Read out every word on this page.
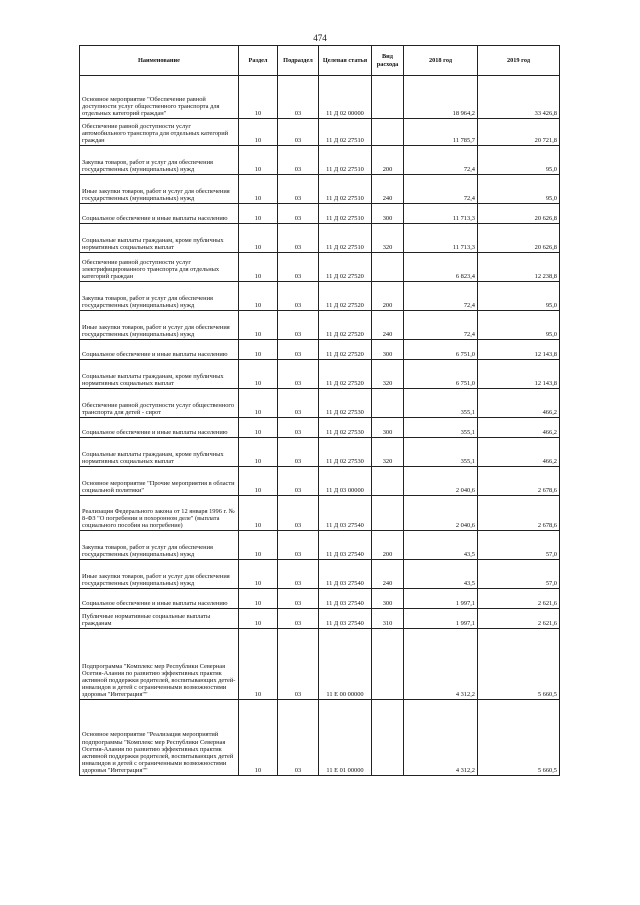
474
Наименование	Раздел	Подраздел	Целевая статья	Вид расхода	2018 год	2019 год
Основное мероприятие "Обеспечение равной доступности услуг общественного транспорта для отдельных категорий граждан"	10	03	11 Д 02 00000		18 964,2	33 426,8
Обеспечение равной доступности услуг автомобильного транспорта для отдельных категорий граждан	10	03	11 Д 02 27510		11 785,7	20 721,8
Закупка товаров, работ и услуг для обеспечения государственных (муниципальных) нужд	10	03	11 Д 02 27510	200	72,4	95,0
Иные закупки товаров, работ и услуг для обеспечения государственных (муниципальных) нужд	10	03	11 Д 02 27510	240	72,4	95,0
Социальное обеспечение и иные выплаты населению	10	03	11 Д 02 27510	300	11 713,3	20 626,8
Социальные выплаты гражданам, кроме публичных нормативных социальных выплат	10	03	11 Д 02 27510	320	11 713,3	20 626,8
Обеспечение равной доступности услуг электрифицированного транспорта для отдельных категорий граждан	10	03	11 Д 02 27520		6 823,4	12 238,8
Закупка товаров, работ и услуг для обеспечения государственных (муниципальных) нужд	10	03	11 Д 02 27520	200	72,4	95,0
Иные закупки товаров, работ и услуг для обеспечения государственных (муниципальных) нужд	10	03	11 Д 02 27520	240	72,4	95,0
Социальное обеспечение и иные выплаты населению	10	03	11 Д 02 27520	300	6 751,0	12 143,8
Социальные выплаты гражданам, кроме публичных нормативных социальных выплат	10	03	11 Д 02 27520	320	6 751,0	12 143,8
Обеспечение равной доступности услуг общественного транспорта для детей - сирот	10	03	11 Д 02 27530		355,1	466,2
Социальное обеспечение и иные выплаты населению	10	03	11 Д 02 27530	300	355,1	466,2
Социальные выплаты гражданам, кроме публичных нормативных социальных выплат	10	03	11 Д 02 27530	320	355,1	466,2
Основное мероприятие "Прочие мероприятия в области социальной политики"	10	03	11 Д 03 00000		2 040,6	2 678,6
Реализация Федерального закона от 12 января 1996 г. № 8-ФЗ "О погребении и похоронном деле" (выплата социального пособия на погребение)	10	03	11 Д 03 27540		2 040,6	2 678,6
Закупка товаров, работ и услуг для обеспечения государственных (муниципальных) нужд	10	03	11 Д 03 27540	200	43,5	57,0
Иные закупки товаров, работ и услуг для обеспечения государственных (муниципальных) нужд	10	03	11 Д 03 27540	240	43,5	57,0
Социальное обеспечение и иные выплаты населению	10	03	11 Д 03 27540	300	1 997,1	2 621,6
Публичные нормативные социальные выплаты гражданам	10	03	11 Д 03 27540	310	1 997,1	2 621,6
Подпрограмма "Комплекс мер Республики Северная Осетия-Алания по развитию эффективных практик активной поддержки родителей, воспитывающих детей-инвалидов и детей с ограниченными возможностями здоровья "Интеграция""	10	03	11 Е 00 00000		4 312,2	5 660,5
Основное мероприятие "Реализация мероприятий подпрограммы "Комплекс мер Республики Северная Осетия-Алания по развитию эффективных практик активной поддержки родителей, воспитывающих детей инвалидов и детей с ограниченными возможностями здоровья "Интеграция""	10	03	11 Е 01 00000		4 312,2	5 660,5
